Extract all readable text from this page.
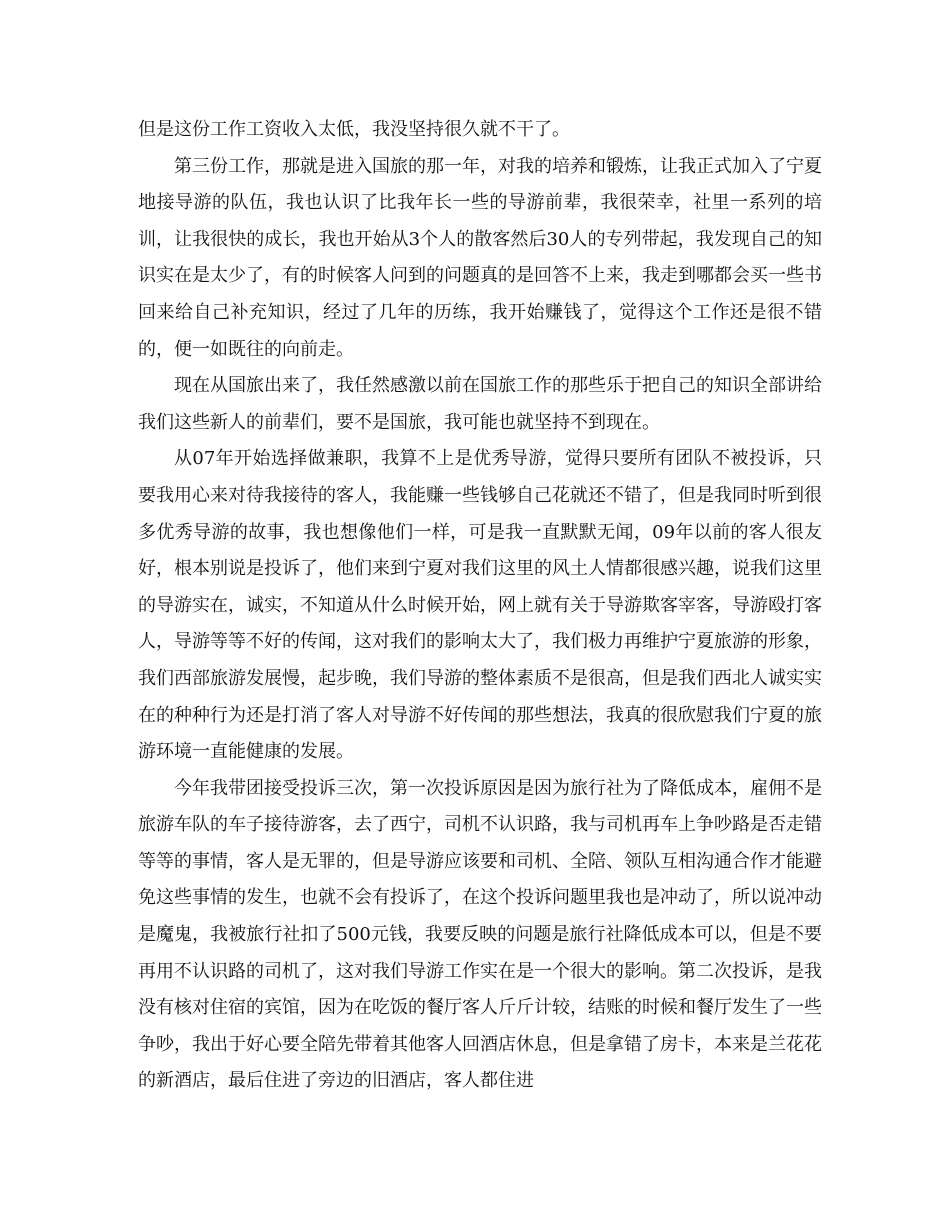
但是这份工作工资收入太低，我没坚持很久就不干了。

第三份工作，那就是进入国旅的那一年，对我的培养和锻炼，让我正式加入了宁夏地接导游的队伍，我也认识了比我年长一些的导游前辈，我很荣幸，社里一系列的培训，让我很快的成长，我也开始从3个人的散客然后30人的专列带起，我发现自己的知识实在是太少了，有的时候客人问到的问题真的是回答不上来，我走到哪都会买一些书回来给自己补充知识，经过了几年的历练，我开始赚钱了，觉得这个工作还是很不错的，便一如既往的向前走。

现在从国旅出来了，我任然感激以前在国旅工作的那些乐于把自己的知识全部讲给我们这些新人的前辈们，要不是国旅，我可能也就坚持不到现在。

从07年开始选择做兼职，我算不上是优秀导游，觉得只要所有团队不被投诉，只要我用心来对待我接待的客人，我能赚一些钱够自己花就还不错了，但是我同时听到很多优秀导游的故事，我也想像他们一样，可是我一直默默无闻，09年以前的客人很友好，根本别说是投诉了，他们来到宁夏对我们这里的风土人情都很感兴趣，说我们这里的导游实在，诚实，不知道从什么时候开始，网上就有关于导游欺客宰客，导游殴打客人，导游等等不好的传闻，这对我们的影响太大了，我们极力再维护宁夏旅游的形象，我们西部旅游发展慢，起步晚，我们导游的整体素质不是很高，但是我们西北人诚实实在的种种行为还是打消了客人对导游不好传闻的那些想法，我真的很欣慰我们宁夏的旅游环境一直能健康的发展。

今年我带团接受投诉三次，第一次投诉原因是因为旅行社为了降低成本，雇佣不是旅游车队的车子接待游客，去了西宁，司机不认识路，我与司机再车上争吵路是否走错等等的事情，客人是无罪的，但是导游应该要和司机、全陪、领队互相沟通合作才能避免这些事情的发生，也就不会有投诉了，在这个投诉问题里我也是冲动了，所以说冲动是魔鬼，我被旅行社扣了500元钱，我要反映的问题是旅行社降低成本可以，但是不要再用不认识路的司机了，这对我们导游工作实在是一个很大的影响。第二次投诉，是我没有核对住宿的宾馆，因为在吃饭的餐厅客人斤斤计较，结账的时候和餐厅发生了一些争吵，我出于好心要全陪先带着其他客人回酒店休息，但是拿错了房卡，本来是兰花花的新酒店，最后住进了旁边的旧酒店，客人都住进
